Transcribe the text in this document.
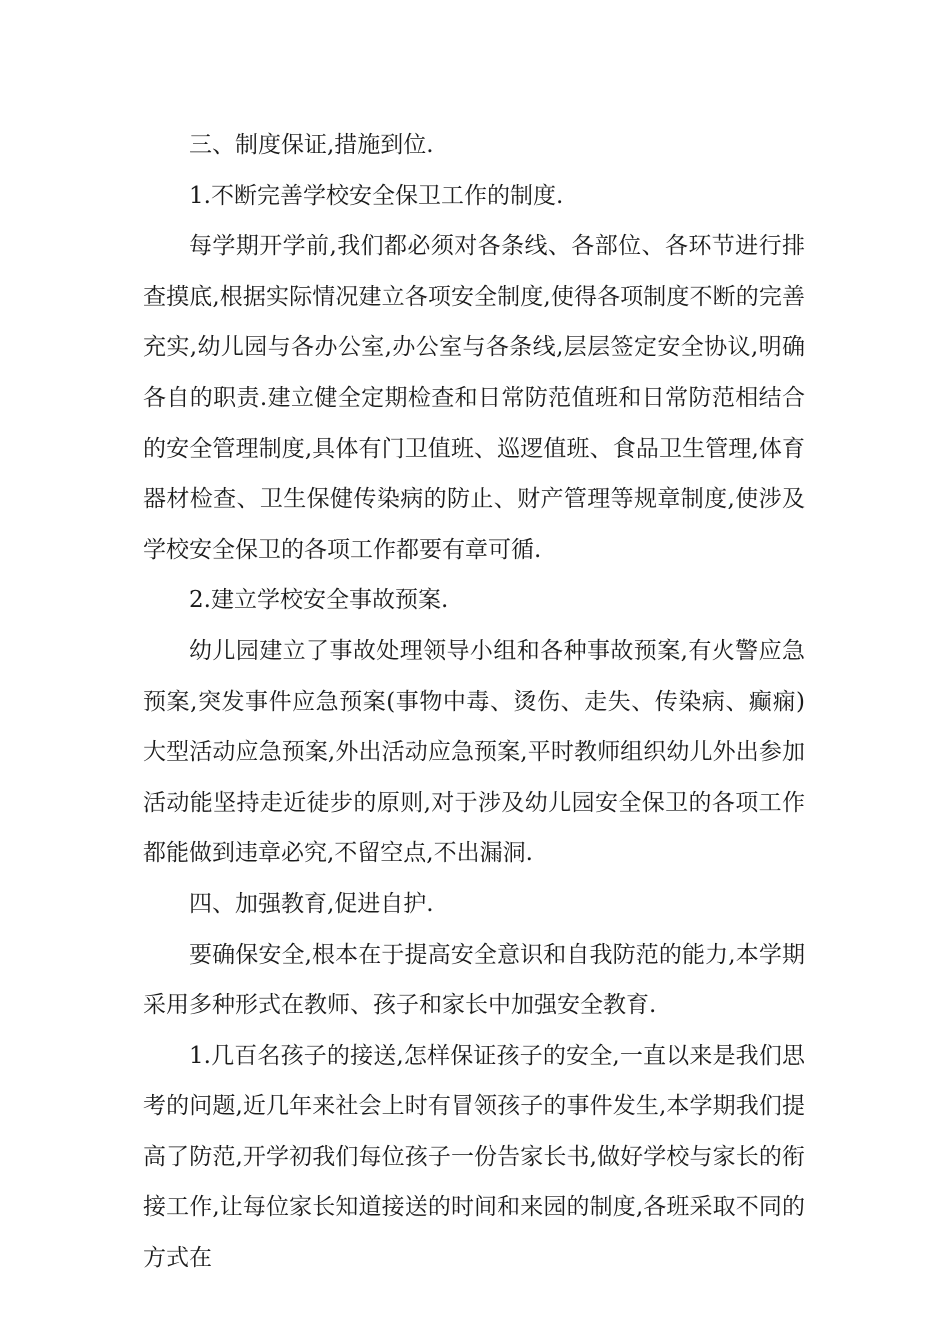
三、制度保证,措施到位.

1.不断完善学校安全保卫工作的制度.

每学期开学前,我们都必须对各条线、各部位、各环节进行排查摸底,根据实际情况建立各项安全制度,使得各项制度不断的完善充实,幼儿园与各办公室,办公室与各条线,层层签定安全协议,明确各自的职责.建立健全定期检查和日常防范值班和日常防范相结合的安全管理制度,具体有门卫值班、巡逻值班、食品卫生管理,体育器材检查、卫生保健传染病的防止、财产管理等规章制度,使涉及学校安全保卫的各项工作都要有章可循.

2.建立学校安全事故预案.

幼儿园建立了事故处理领导小组和各种事故预案,有火警应急预案,突发事件应急预案(事物中毒、烫伤、走失、传染病、癫痫)大型活动应急预案,外出活动应急预案,平时教师组织幼儿外出参加活动能坚持走近徒步的原则,对于涉及幼儿园安全保卫的各项工作都能做到违章必究,不留空点,不出漏洞.

四、加强教育,促进自护.

要确保安全,根本在于提高安全意识和自我防范的能力,本学期采用多种形式在教师、孩子和家长中加强安全教育.

1.几百名孩子的接送,怎样保证孩子的安全,一直以来是我们思考的问题,近几年来社会上时有冒领孩子的事件发生,本学期我们提高了防范,开学初我们每位孩子一份告家长书,做好学校与家长的衔接工作,让每位家长知道接送的时间和来园的制度,各班采取不同的方式在
